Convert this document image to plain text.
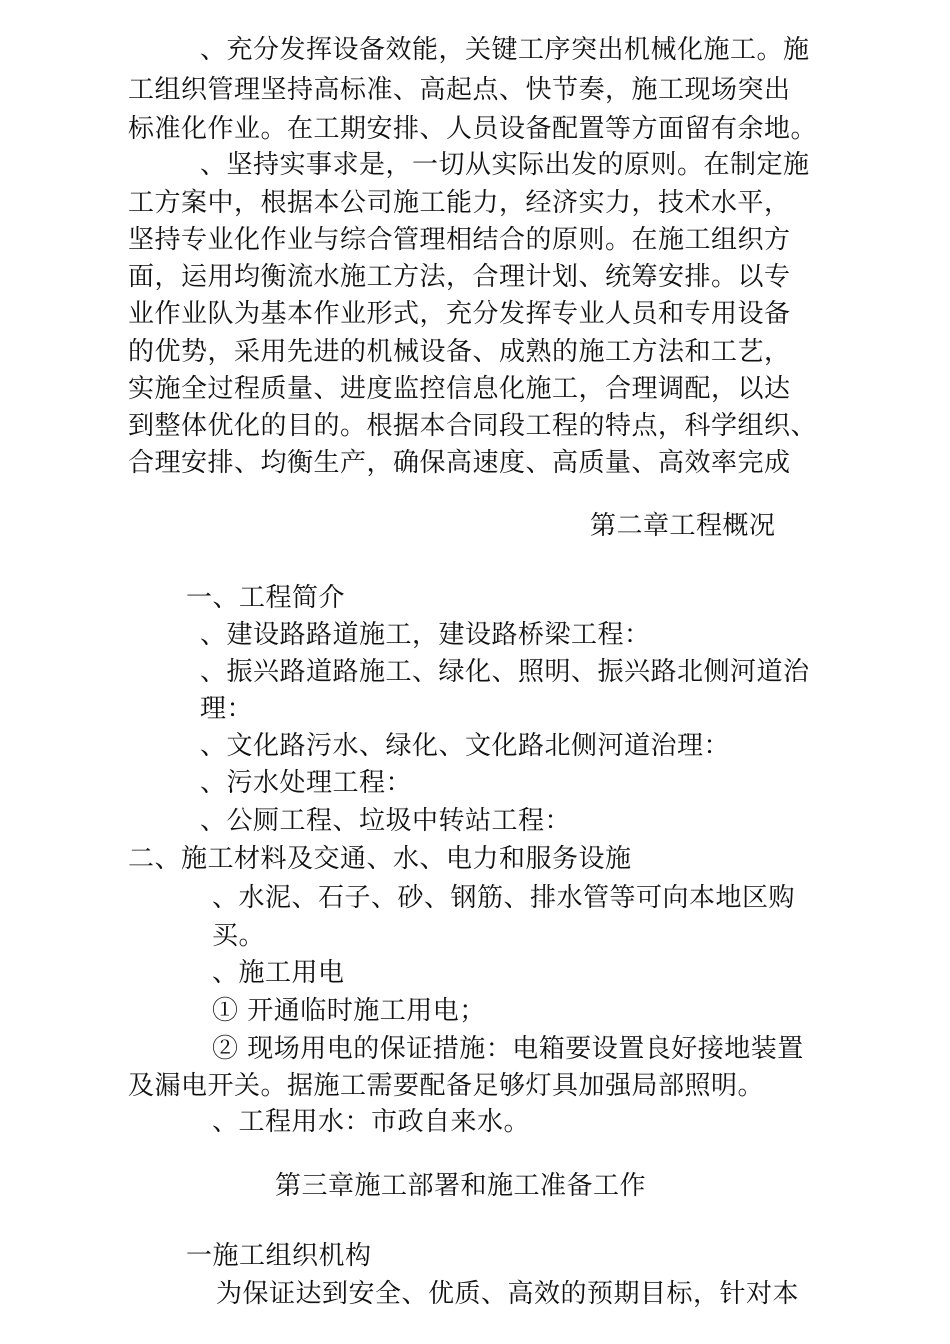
、充分发挥设备效能，关键工序突出机械化施工。施
工组织管理坚持高标准、高起点、快节奏，施工现场突出
标准化作业。在工期安排、人员设备配置等方面留有余地。
、坚持实事求是，一切从实际出发的原则。在制定施
工方案中，根据本公司施工能力，经济实力，技术水平，
坚持专业化作业与综合管理相结合的原则。在施工组织方
面，运用均衡流水施工方法，合理计划、统筹安排。以专
业作业队为基本作业形式，充分发挥专业人员和专用设备
的优势，采用先进的机械设备、成熟的施工方法和工艺，
实施全过程质量、进度监控信息化施工，合理调配，以达
到整体优化的目的。根据本合同段工程的特点，科学组织、
合理安排、均衡生产，确保高速度、高质量、高效率完成
第二章工程概况
一、工程简介
、建设路路道施工，建设路桥梁工程：
、振兴路道路施工、绿化、照明、振兴路北侧河道治
理：
、文化路污水、绿化、文化路北侧河道治理：
、污水处理工程：
、公厕工程、垃圾中转站工程：
二、施工材料及交通、水、电力和服务设施
、水泥、石子、砂、钢筋、排水管等可向本地区购
买。
、施工用电
① 开通临时施工用电；
② 现场用电的保证措施：电箱要设置良好接地装置
及漏电开关。据施工需要配备足够灯具加强局部照明。
、工程用水：市政自来水。
第三章施工部署和施工准备工作
一施工组织机构
为保证达到安全、优质、高效的预期目标，针对本
